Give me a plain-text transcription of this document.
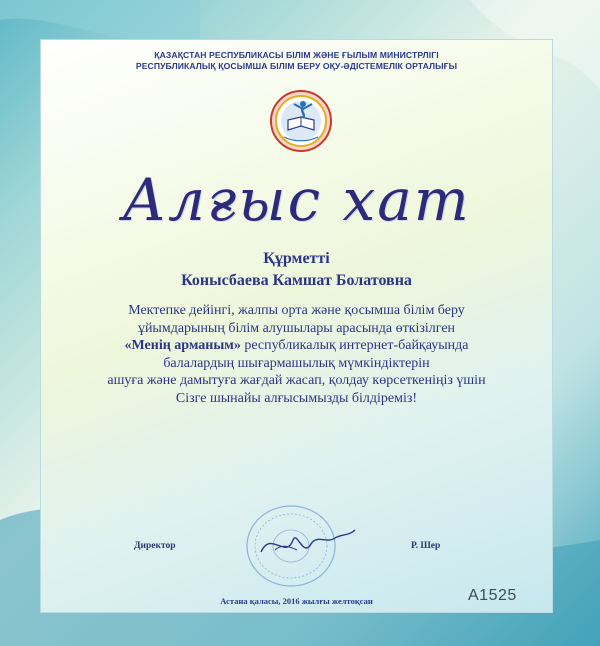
ҚАЗАҚСТАН РЕСПУБЛИКАСЫ БІЛІМ ЖӘНЕ ҒЫЛЫМ МИНИСТРЛІГІ
РЕСПУБЛИКАЛЫҚ ҚОСЫМША БІЛІМ БЕРУ ОҚУ-ӘДІСТЕМЕЛІК ОРТАЛЫҒЫ
Алғыс хат
Құрметті
Конысбаева Камшат Болатовна
Мектепке дейінгі, жалпы орта және қосымша білім беру
ұйымдарының білім алушылары арасында өткізілген
«Менің арманым» республикалық интернет-байқауында
балалардың шығармашылық мүмкіндіктерін
ашуға және дамытуға жағдай жасап, қолдау көрсеткеніңіз үшін
Сізге шынайы алғысымызды білдіреміз!
Директор	Р. Шер
Астана қаласы, 2016 жылғы желтоқсан	A1525
